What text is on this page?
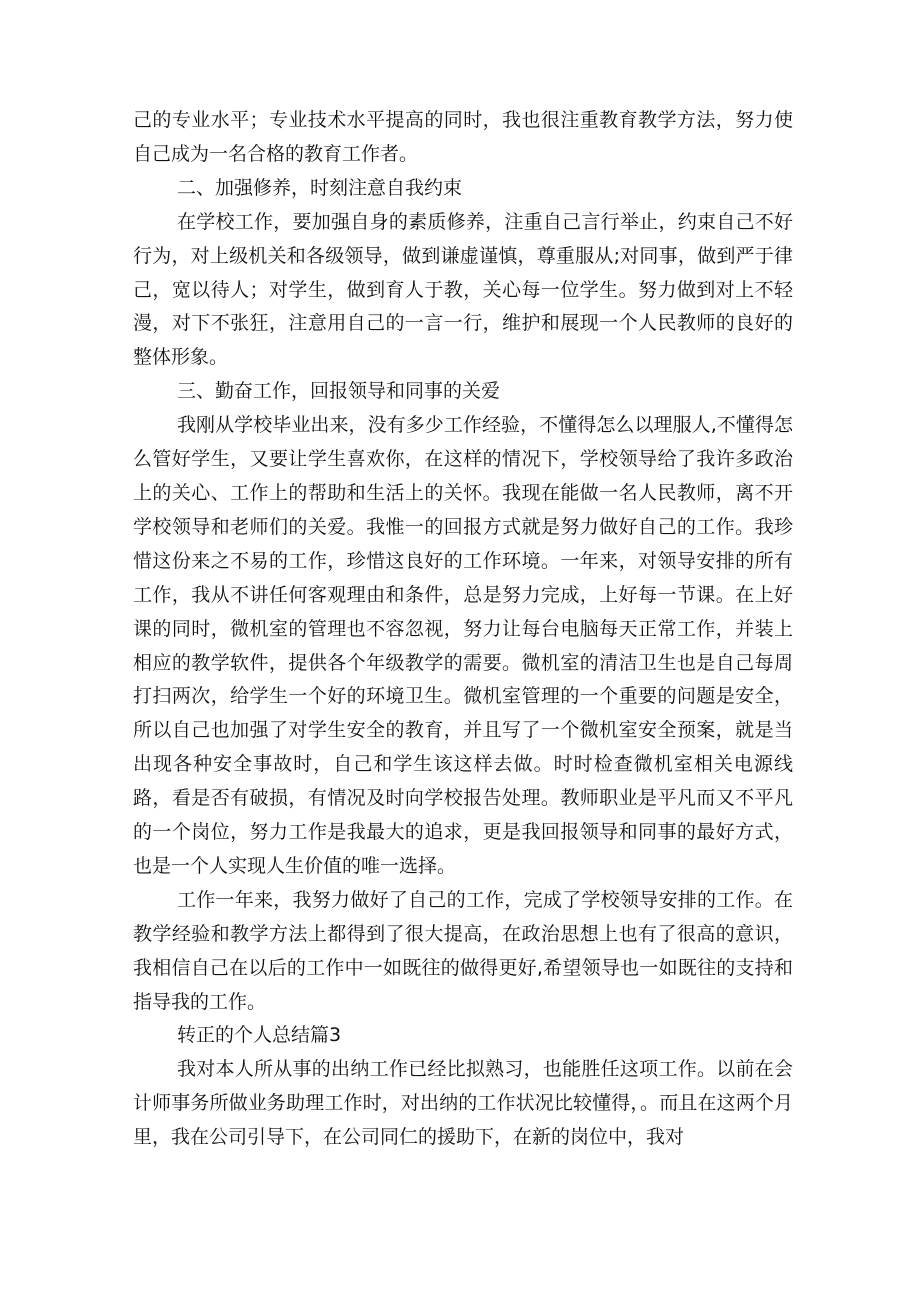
己的专业水平；专业技术水平提高的同时，我也很注重教育教学方法，努力使自己成为一名合格的教育工作者。

二、加强修养，时刻注意自我约束

在学校工作，要加强自身的素质修养，注重自己言行举止，约束自己不好行为，对上级机关和各级领导，做到谦虚谨慎，尊重服从;对同事，做到严于律己，宽以待人；对学生，做到育人于教，关心每一位学生。努力做到对上不轻漫，对下不张狂，注意用自己的一言一行，维护和展现一个人民教师的良好的整体形象。

三、勤奋工作，回报领导和同事的关爱

我刚从学校毕业出来，没有多少工作经验，不懂得怎么以理服人,不懂得怎么管好学生，又要让学生喜欢你，在这样的情况下，学校领导给了我许多政治上的关心、工作上的帮助和生活上的关怀。我现在能做一名人民教师，离不开学校领导和老师们的关爱。我惟一的回报方式就是努力做好自己的工作。我珍惜这份来之不易的工作，珍惜这良好的工作环境。一年来，对领导安排的所有工作，我从不讲任何客观理由和条件，总是努力完成，上好每一节课。在上好课的同时，微机室的管理也不容忽视，努力让每台电脑每天正常工作，并装上相应的教学软件，提供各个年级教学的需要。微机室的清洁卫生也是自己每周打扫两次，给学生一个好的环境卫生。微机室管理的一个重要的问题是安全，所以自己也加强了对学生安全的教育，并且写了一个微机室安全预案，就是当出现各种安全事故时，自己和学生该这样去做。时时检查微机室相关电源线路，看是否有破损，有情况及时向学校报告处理。教师职业是平凡而又不平凡的一个岗位，努力工作是我最大的追求，更是我回报领导和同事的最好方式，也是一个人实现人生价值的唯一选择。

工作一年来，我努力做好了自己的工作，完成了学校领导安排的工作。在教学经验和教学方法上都得到了很大提高，在政治思想上也有了很高的意识，我相信自己在以后的工作中一如既往的做得更好,希望领导也一如既往的支持和指导我的工作。

转正的个人总结篇3

我对本人所从事的出纳工作已经比拟熟习，也能胜任这项工作。以前在会计师事务所做业务助理工作时，对出纳的工作状况比较懂得，。而且在这两个月里，我在公司引导下，在公司同仁的援助下，在新的岗位中，我对
